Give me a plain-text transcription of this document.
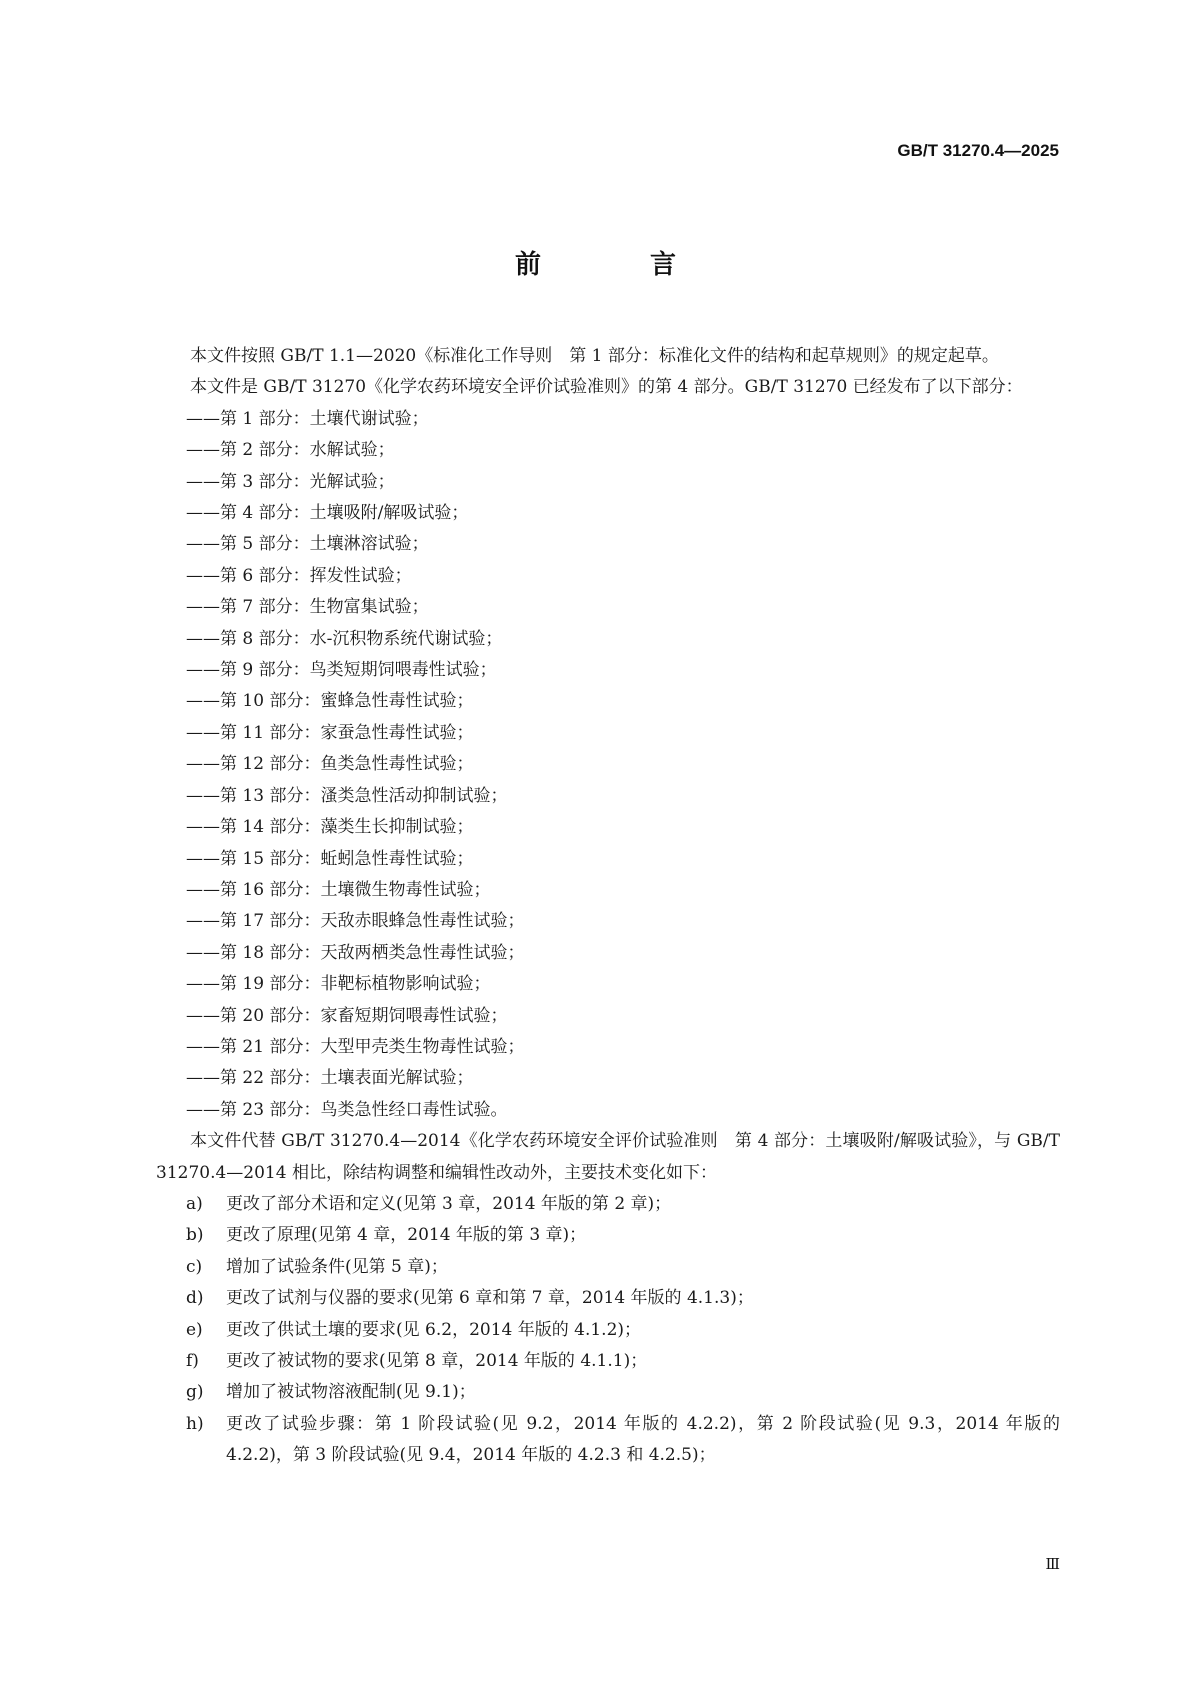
GB/T 31270.4—2025
前 言

本文件按照 GB/T 1.1—2020《标准化工作导则　第 1 部分：标准化文件的结构和起草规则》的规定起草。

本文件是 GB/T 31270《化学农药环境安全评价试验准则》的第 4 部分。GB/T 31270 已经发布了以下部分：

——第 1 部分：土壤代谢试验；
——第 2 部分：水解试验；
——第 3 部分：光解试验；
——第 4 部分：土壤吸附/解吸试验；
——第 5 部分：土壤淋溶试验；
——第 6 部分：挥发性试验；
——第 7 部分：生物富集试验；
——第 8 部分：水-沉积物系统代谢试验；
——第 9 部分：鸟类短期饲喂毒性试验；
——第 10 部分：蜜蜂急性毒性试验；
——第 11 部分：家蚕急性毒性试验；
——第 12 部分：鱼类急性毒性试验；
——第 13 部分：溞类急性活动抑制试验；
——第 14 部分：藻类生长抑制试验；
——第 15 部分：蚯蚓急性毒性试验；
——第 16 部分：土壤微生物毒性试验；
——第 17 部分：天敌赤眼蜂急性毒性试验；
——第 18 部分：天敌两栖类急性毒性试验；
——第 19 部分：非靶标植物影响试验；
——第 20 部分：家畜短期饲喂毒性试验；
——第 21 部分：大型甲壳类生物毒性试验；
——第 22 部分：土壤表面光解试验；
——第 23 部分：鸟类急性经口毒性试验。

本文件代替 GB/T 31270.4—2014《化学农药环境安全评价试验准则　第 4 部分：土壤吸附/解吸试验》，与 GB/T 31270.4—2014 相比，除结构调整和编辑性改动外，主要技术变化如下：

a) 更改了部分术语和定义(见第 3 章，2014 年版的第 2 章)；
b) 更改了原理(见第 4 章，2014 年版的第 3 章)；
c) 增加了试验条件(见第 5 章)；
d) 更改了试剂与仪器的要求(见第 6 章和第 7 章，2014 年版的 4.1.3)；
e) 更改了供试土壤的要求(见 6.2，2014 年版的 4.1.2)；
f) 更改了被试物的要求(见第 8 章，2014 年版的 4.1.1)；
g) 增加了被试物溶液配制(见 9.1)；
h) 更改了试验步骤：第 1 阶段试验(见 9.2，2014 年版的 4.2.2)，第 2 阶段试验(见 9.3，2014 年版的 4.2.2)，第 3 阶段试验(见 9.4，2014 年版的 4.2.3 和 4.2.5)；
Ⅲ
